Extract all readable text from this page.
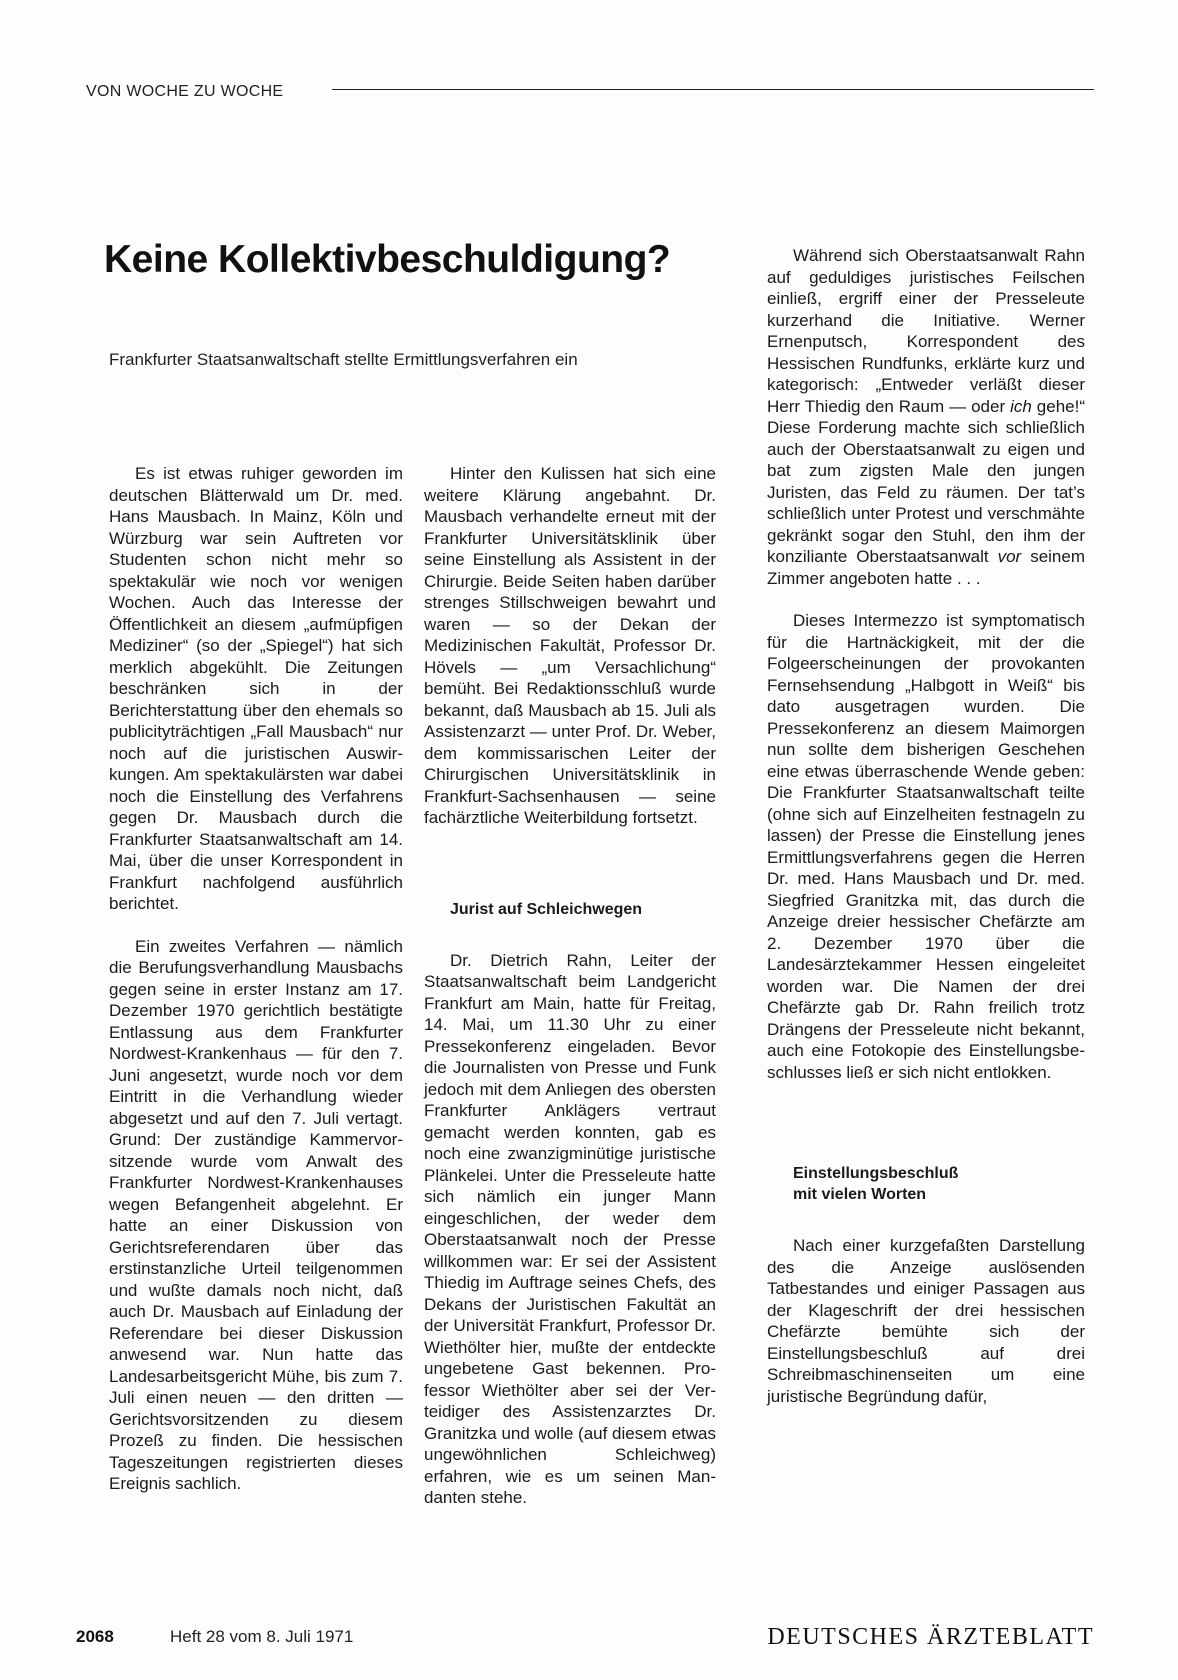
VON WOCHE ZU WOCHE
Keine Kollektivbeschuldigung?

Frankfurter Staatsanwaltschaft stellte Ermittlungsverfahren ein

Es ist etwas ruhiger geworden im deutschen Blätterwald um Dr. med. Hans Mausbach. In Mainz, Köln und Würzburg war sein Auftreten vor Studenten schon nicht mehr so spektakulär wie noch vor wenigen Wochen. Auch das Interesse der Öffentlichkeit an diesem „aufmüpfigen Mediziner“ (so der „Spiegel“) hat sich merklich abgekühlt. Die Zeitungen beschränken sich in der Berichterstattung über den ehemals so publicityträchtigen „Fall Mausbach“ nur noch auf die juristischen Auswirkungen. Am spektakulärsten war dabei noch die Einstellung des Verfahrens gegen Dr. Mausbach durch die Frankfurter Staatsanwaltschaft am 14. Mai, über die unser Korrespondent in Frankfurt nachfolgend ausführlich berichtet.

Ein zweites Verfahren — nämlich die Berufungsverhandlung Mausbachs gegen seine in erster Instanz am 17. Dezember 1970 gerichtlich bestätigte Entlassung aus dem Frankfurter Nordwest-Krankenhaus — für den 7. Juni angesetzt, wurde noch vor dem Eintritt in die Verhandlung wieder abgesetzt und auf den 7. Juli vertagt. Grund: Der zuständige Kammervorsitzende wurde vom Anwalt des Frankfurter Nordwest-Krankenhauses wegen Befangenheit abgelehnt. Er hatte an einer Diskussion von Gerichtsreferendaren über das erstinstanzliche Urteil teilgenommen und wußte damals noch nicht, daß auch Dr. Mausbach auf Einladung der Referendare bei dieser Diskussion anwesend war. Nun hatte das Landesarbeitsgericht Mühe, bis zum 7. Juli einen neuen — den dritten — Gerichtsvorsitzenden zu diesem Prozeß zu finden. Die hessischen Tageszeitungen registrierten dieses Ereignis sachlich.

Hinter den Kulissen hat sich eine weitere Klärung angebahnt. Dr. Mausbach verhandelte erneut mit der Frankfurter Universitätsklinik über seine Einstellung als Assistent in der Chirurgie. Beide Seiten haben darüber strenges Stillschweigen bewahrt und waren — so der Dekan der Medizinischen Fakultät, Professor Dr. Hövels — „um Versachlichung“ bemüht. Bei Redaktionsschluß wurde bekannt, daß Mausbach ab 15. Juli als Assistenzarzt — unter Prof. Dr. Weber, dem kommissarischen Leiter der Chirurgischen Universitätsklinik in Frankfurt-Sachsenhausen — seine fachärztliche Weiterbildung fortsetzt.

Jurist auf Schleichwegen

Dr. Dietrich Rahn, Leiter der Staatsanwaltschaft beim Landgericht Frankfurt am Main, hatte für Freitag, 14. Mai, um 11.30 Uhr zu einer Pressekonferenz eingeladen. Bevor die Journalisten von Presse und Funk jedoch mit dem Anliegen des obersten Frankfurter Anklägers vertraut gemacht werden konnten, gab es noch eine zwanzigminütige juristische Plänkelei. Unter die Presseleute hatte sich nämlich ein junger Mann eingeschlichen, der weder dem Oberstaatsanwalt noch der Presse willkommen war: Er sei der Assistent Thiedig im Auftrage seines Chefs, des Dekans der Juristischen Fakultät an der Universität Frankfurt, Professor Dr. Wiethölter hier, mußte der entdeckte ungebetene Gast bekennen. Professor Wiethölter aber sei der Verteidiger des Assistenzarztes Dr. Granitzka und wolle (auf diesem etwas ungewöhnlichen Schleichweg) erfahren, wie es um seinen Mandanten stehe.

Während sich Oberstaatsanwalt Rahn auf geduldiges juristisches Feilschen einließ, ergriff einer der Presseleute kurzerhand die Initiative. Werner Ernenputsch, Korrespondent des Hessischen Rundfunks, erklärte kurz und kategorisch: „Entweder verläßt dieser Herr Thiedig den Raum — oder ich gehe!“ Diese Forderung machte sich schließlich auch der Oberstaatsanwalt zu eigen und bat zum zigsten Male den jungen Juristen, das Feld zu räumen. Der tat’s schließlich unter Protest und verschmähte gekränkt sogar den Stuhl, den ihm der konziliante Oberstaatsanwalt vor seinem Zimmer angeboten hatte . . .

Dieses Intermezzo ist symptomatisch für die Hartnäckigkeit, mit der die Folgeerscheinungen der provokanten Fernsehsendung „Halbgott in Weiß“ bis dato ausgetragen wurden. Die Pressekonferenz an diesem Maimorgen nun sollte dem bisherigen Geschehen eine etwas überraschende Wende geben: Die Frankfurter Staatsanwaltschaft teilte (ohne sich auf Einzelheiten festnageln zu lassen) der Presse die Einstellung jenes Ermittlungsverfahrens gegen die Herren Dr. med. Hans Mausbach und Dr. med. Siegfried Granitzka mit, das durch die Anzeige dreier hessischer Chefärzte am 2. Dezember 1970 über die Landesärztekammer Hessen eingeleitet worden war. Die Namen der drei Chefärzte gab Dr. Rahn freilich trotz Drängens der Presseleute nicht bekannt, auch eine Fotokopie des Einstellungsbeschlusses ließ er sich nicht entlokken.

Einstellungsbeschluß
mit vielen Worten

Nach einer kurzgefaßten Darstellung des die Anzeige auslösenden Tatbestandes und einiger Passagen aus der Klageschrift der drei hessischen Chefärzte bemühte sich der Einstellungsbeschluß auf drei Schreibmaschinenseiten um eine juristische Begründung dafür,

2068	Heft 28 vom 8. Juli 1971	DEUTSCHES ÄRZTEBLATT
